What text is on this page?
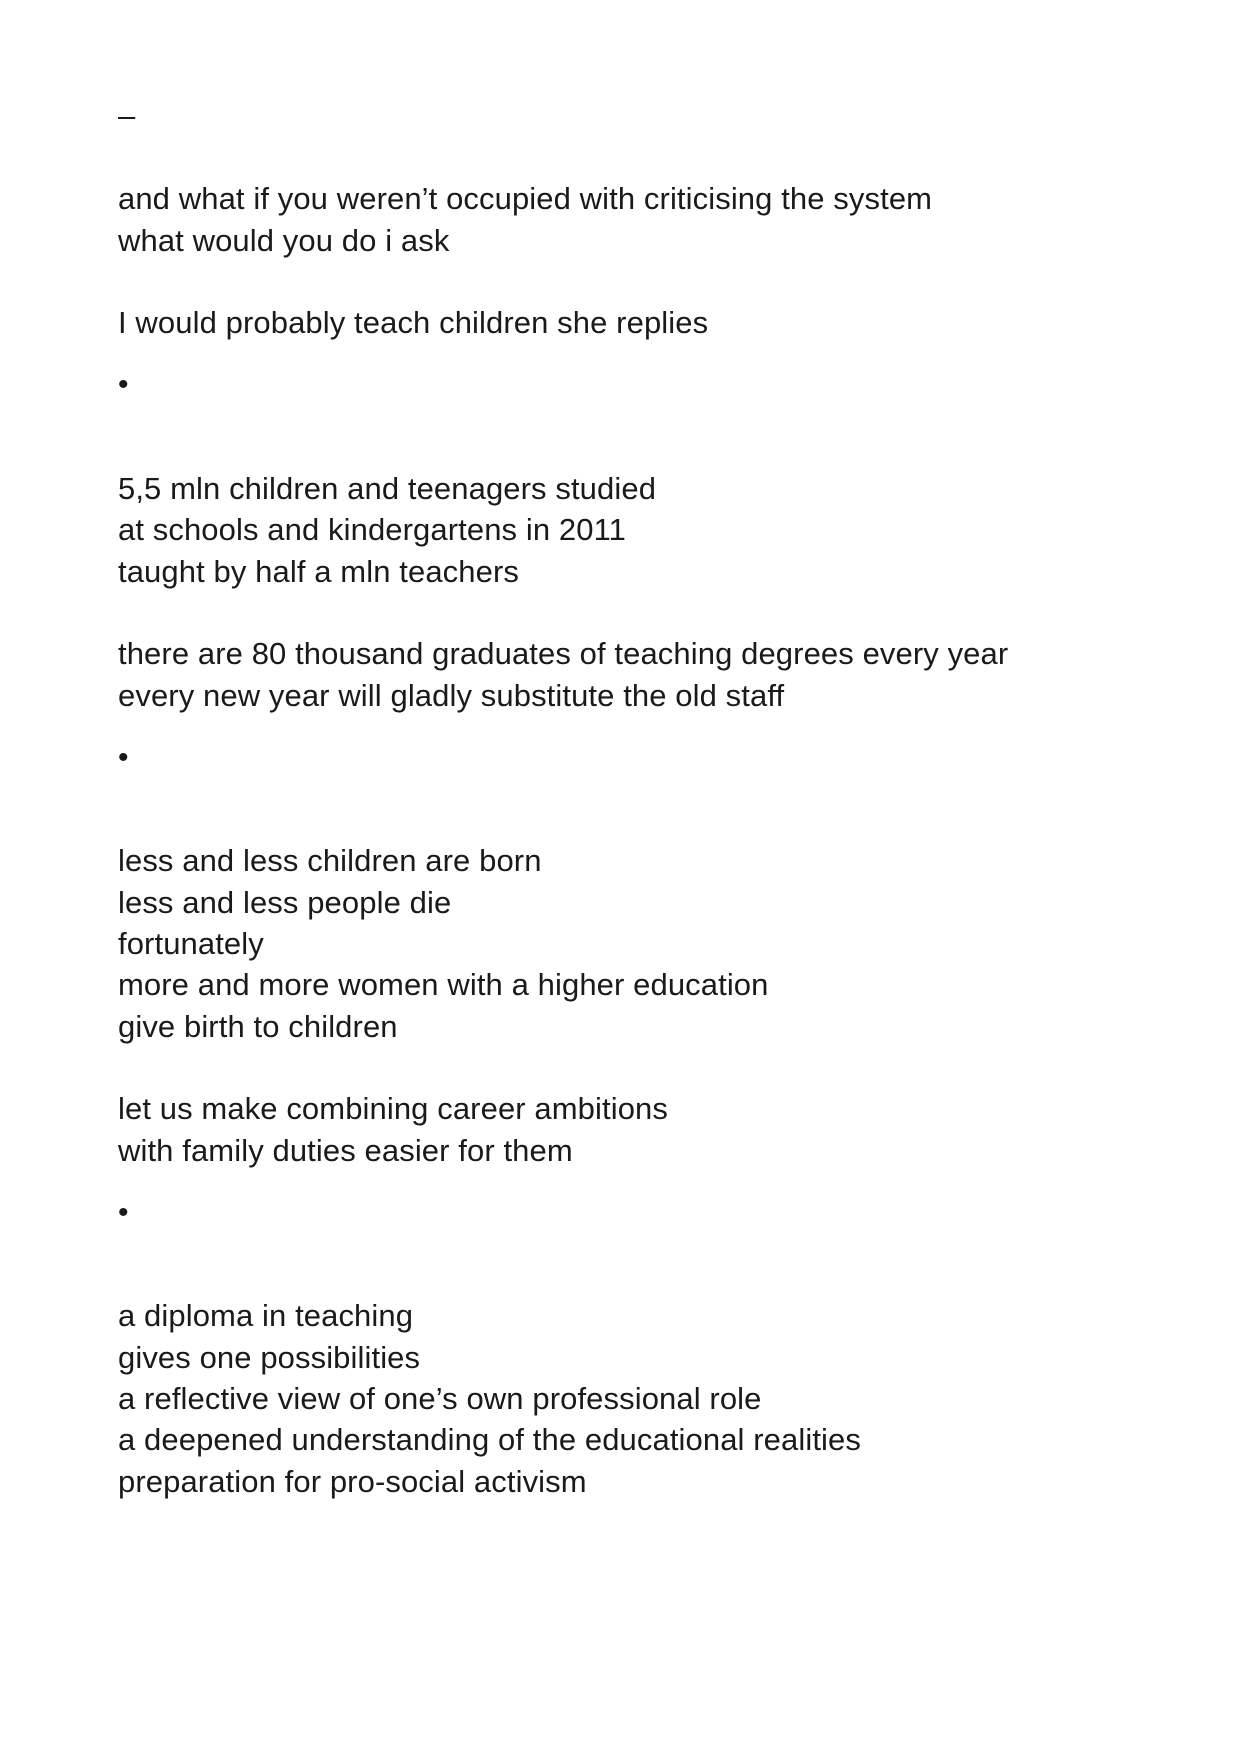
–
and what if you weren’t occupied with criticising the system
what would you do i ask
I would probably teach children she replies
•
5,5 mln children and teenagers studied
at schools and kindergartens in 2011
taught by half a mln teachers
there are 80 thousand graduates of teaching degrees every year
every new year will gladly substitute the old staff
•
less and less children are born
less and less people die
fortunately
more and more women with a higher education
give birth to children
let us make combining career ambitions
with family duties easier for them
•
a diploma in teaching
gives one possibilities
a reflective view of one’s own professional role
a deepened understanding of the educational realities
preparation for pro-social activism
